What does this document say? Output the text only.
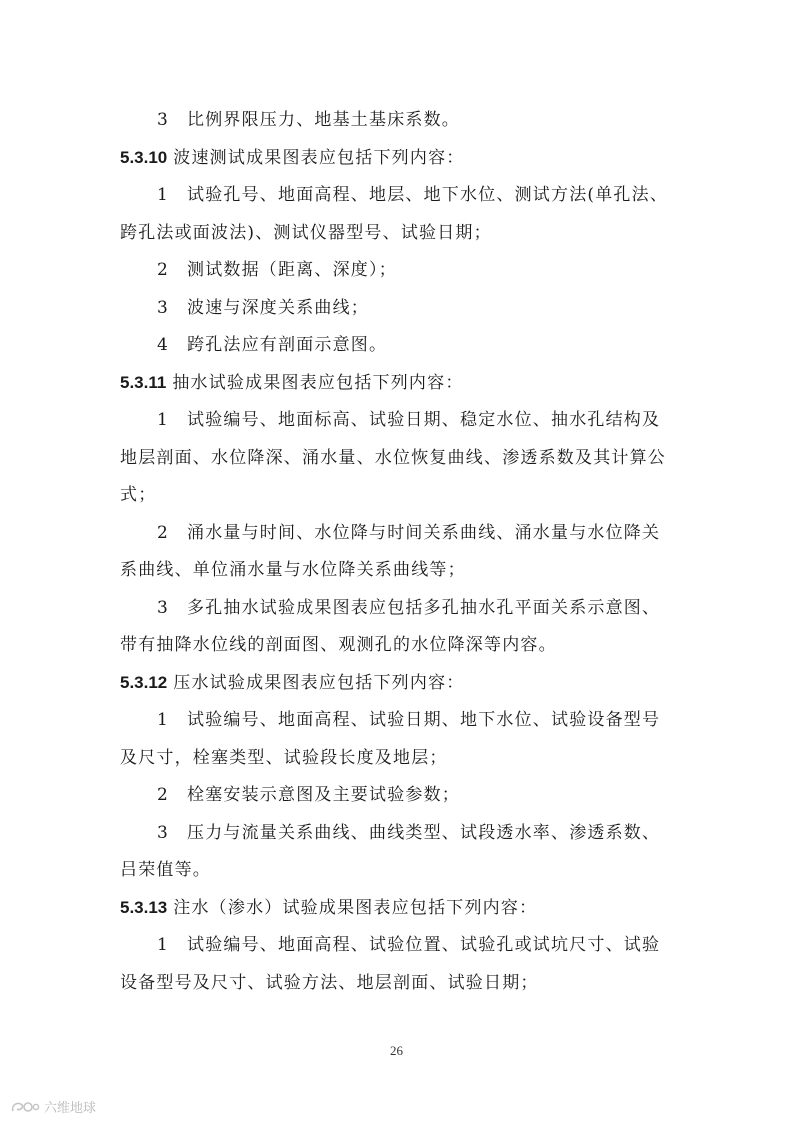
3 比例界限压力、地基土基床系数。
5.3.10 波速测试成果图表应包括下列内容：
1 试验孔号、地面高程、地层、地下水位、测试方法(单孔法、
跨孔法或面波法)、测试仪器型号、试验日期；
2 测试数据（距离、深度）；
3 波速与深度关系曲线；
4 跨孔法应有剖面示意图。
5.3.11 抽水试验成果图表应包括下列内容：
1 试验编号、地面标高、试验日期、稳定水位、抽水孔结构及
地层剖面、水位降深、涌水量、水位恢复曲线、渗透系数及其计算公
式；
2 涌水量与时间、水位降与时间关系曲线、涌水量与水位降关
系曲线、单位涌水量与水位降关系曲线等；
3 多孔抽水试验成果图表应包括多孔抽水孔平面关系示意图、
带有抽降水位线的剖面图、观测孔的水位降深等内容。
5.3.12 压水试验成果图表应包括下列内容：
1 试验编号、地面高程、试验日期、地下水位、试验设备型号
及尺寸，栓塞类型、试验段长度及地层；
2 栓塞安装示意图及主要试验参数；
3 压力与流量关系曲线、曲线类型、试段透水率、渗透系数、
吕荣值等。
5.3.13 注水（渗水）试验成果图表应包括下列内容：
1 试验编号、地面高程、试验位置、试验孔或试坑尺寸、试验
设备型号及尺寸、试验方法、地层剖面、试验日期；
26
六维地球
